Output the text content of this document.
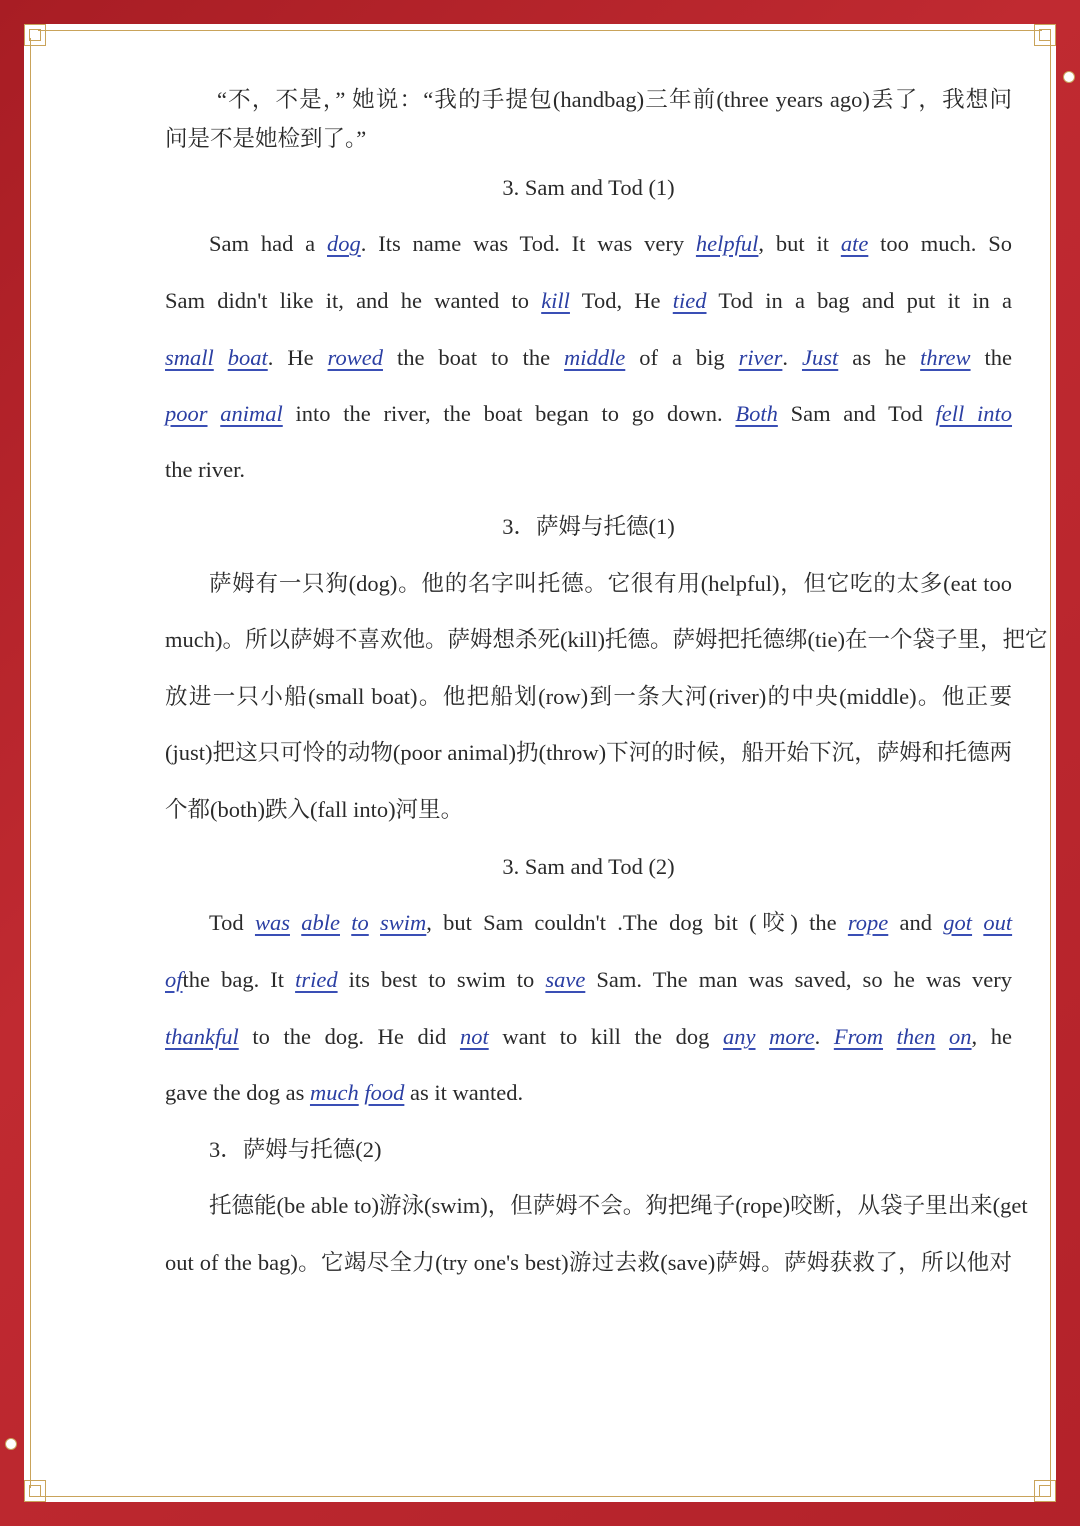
“不，不是，” 她说：“我的手提包(handbag)三年前(three years ago)丢了，我想问
问是不是她检到了。”
3. Sam and Tod (1)
Sam had a dog. Its name was Tod. It was very helpful, but it ate too much. So
Sam didn't like it, and he wanted to kill Tod, He tied Tod in a bag and put it in a
small boat. He rowed the boat to the middle of a big river. Just as he threw the
poor animal into the river, the boat began to go down. Both Sam and Tod fell into
the river.
3．萨姆与托德(1)
萨姆有一只狗(dog)。他的名字叫托德。它很有用(helpful)，但它吃的太多(eat too
much)。所以萨姆不喜欢他。萨姆想杀死(kill)托德。萨姆把托德绑(tie)在一个袋子里，把它
放进一只小船(small boat)。他把船划(row)到一条大河(river)的中央(middle)。他正要
(just)把这只可怜的动物(poor animal)扔(throw)下河的时候，船开始下沉，萨姆和托德两
个都(both)跌入(fall into)河里。
3. Sam and Tod (2)
Tod was able to swim, but Sam couldn't .The dog bit (咬) the rope and got out
ofthe bag. It tried its best to swim to save Sam. The man was saved, so he was very
thankful to the dog. He did not want to kill the dog any more. From then on, he
gave the dog as much food as it wanted.
3．萨姆与托德(2)
托德能(be able to)游泳(swim)，但萨姆不会。狗把绳子(rope)咬断，从袋子里出来(get
out of the bag)。它竭尽全力(try one's best)游过去救(save)萨姆。萨姆获救了，所以他对
